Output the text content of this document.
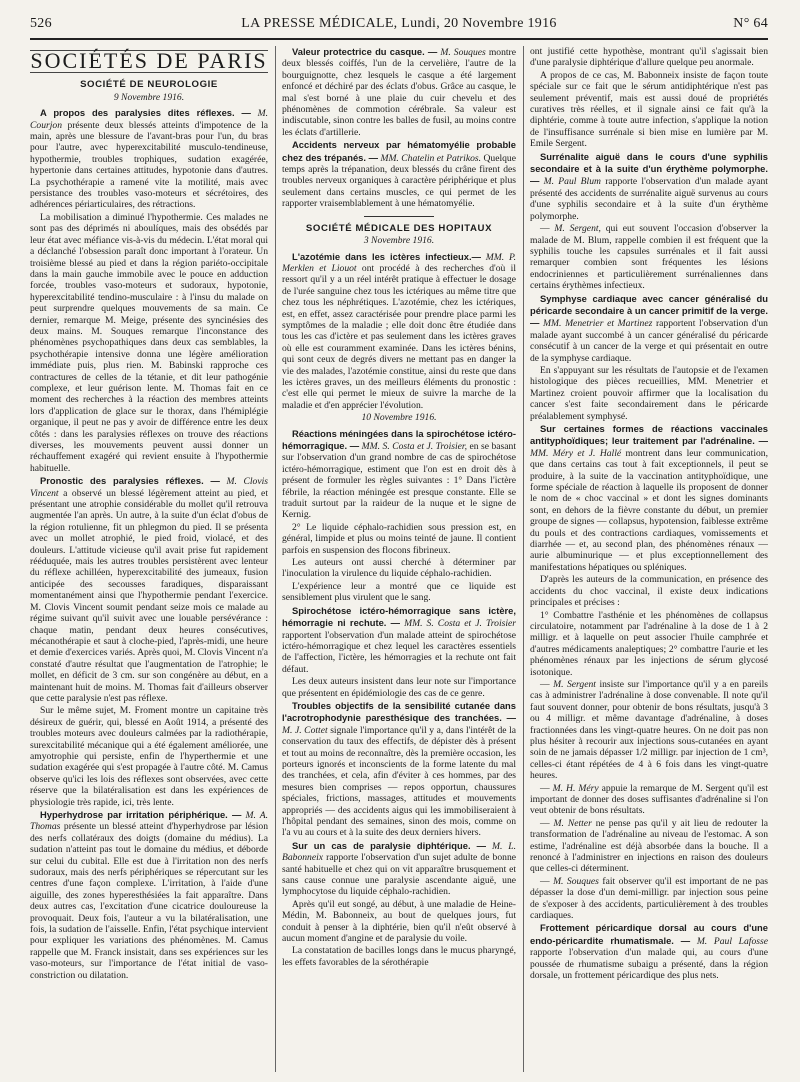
526	LA PRESSE MÉDICALE, Lundi, 20 Novembre 1916	N° 64
SOCIÉTÉS DE PARIS
SOCIÉTÉ DE NEUROLOGIE
9 Novembre 1916.

A propos des paralysies dites réflexes. — M. Courjon présente deux blessés atteints d'impotence de la main, après une blessure de l'avant-bras pour l'un, du bras pour l'autre, avec hyperexcitabilité musculo-tendineuse, hypothermie, troubles trophiques, sudation exagérée, hypertonie dans certaines attitudes, hypotonie dans d'autres. La psychothérapie a ramené vite la motilité, mais avec persistance des troubles vaso-moteurs et sécrétoires, des adhérences périarticulaires, des rétractions.

La mobilisation a diminué l'hypothermie. Ces malades ne sont pas des déprimés ni aboulíques, mais des obsédés par leur état avec méfiance vis-à-vis du médecin. L'état moral qui a déclanché l'obsession paraît donc important à l'orateur. Un troisième blessé au pied et dans la région pariéto-occipitale dans la main gauche immobile avec le pouce en adduction forcée, troubles vaso-moteurs et sudoraux, hypotonie, hyperexcitabilité tendino-musculaire : à l'insu du malade on peut surprendre quelques mouvements de sa main. Ce dernier, remarque M. Meige, présente des syncinésies des deux mains. M. Souques remarque l'inconstance des phénomènes psychopathiques dans deux cas semblables, la psychothérapie intensive donna une légère amélioration immédiate puis, plus rien. M. Babinski rapproche ces contractures de celles de la tétanie, et dit leur pathogénie complexe, et leur guérison lente. M. Thomas fait en ce moment des recherches à la réaction des membres atteints lors d'application de glace sur le thorax, dans l'hémiplégie organique, il peut ne pas y avoir de différence entre les deux côtés : dans les paralysies réflexes on trouve des réactions diverses, les mouvements peuvent aussi donner un réchauffement exagéré qui revient ensuite à l'hypothermie habituelle.

Pronostic des paralysies réflexes. — M. Clovis Vincent a observé un blessé légèrement atteint au pied, et présentant une atrophie considérable du mollet qu'il retrouva augmentée l'an après. Un autre, à la suite d'un éclat d'obus de la région rotulienne, fit un phlegmon du pied. Il se présenta avec un mollet atrophié, le pied froid, violacé, et des douleurs. L'attitude vicieuse qu'il avait prise fut rapidement rééduquée, mais les autres troubles persistèrent avec lenteur du réflexe achilléen, hyperexcitabilité des jumeaux, fusion anticipée des secousses faradiques, disparaissant momentanément ainsi que l'hypothermie pendant l'exercice. M. Clovis Vincent soumit pendant seize mois ce malade au régime suivant qu'il suivit avec une louable persévérance : chaque matin, pendant deux heures consécutives, mécanothérapie et saut à cloche-pied, l'après-midi, une heure et demie d'exercices variés. Après quoi, M. Clovis Vincent n'a constaté d'autre résultat que l'augmentation de l'atrophie; le mollet, en déficit de 3 cm. sur son congénère au début, en a maintenant huit de moins. M. Thomas fait d'ailleurs observer que cette paralysie n'est pas réflexe.

Sur le même sujet, M. Froment montre un capitaine très désireux de guérir, qui, blessé en Août 1914, a présenté des troubles moteurs avec douleurs calmées par la radiothérapie, surexcitabilité mécanique qui a été également améliorée, une amyotrophie qui persiste, enfin de l'hyperthermie et une sudation exagérée qui s'est propagée à l'autre côté. M. Camus observe qu'ici les lois des réflexes sont observées, avec cette réserve que la bilatéralisation est dans les expériences de physiologie très rapide, ici, très lente.

Hyperhydrose par irritation périphérique. — M. A. Thomas présente un blessé atteint d'hyperhydrose par lésion des nerfs collatéraux des doigts (domaine du médius). La sudation n'atteint pas tout le domaine du médius, et déborde sur celui du cubital. Elle est due à l'irritation non des nerfs sudoraux, mais des nerfs périphériques se répercutant sur les centres d'une façon complexe. L'irritation, à l'aide d'une aiguille, des zones hyperesthésiées la fait apparaître. Dans deux autres cas, l'excitation d'une cicatrice douloureuse la provoquait. Deux fois, l'auteur a vu la bilatéralisation, une fois, la sudation de l'aisselle. Enfin, l'état psychique intervient pour expliquer les variations des phénomènes. M. Camus rappelle que M. Franck insistait, dans ses expériences sur les vaso-moteurs, sur l'importance de l'état initial de vaso-constriction ou dilatation.

Valeur protectrice du casque. — M. Souques montre deux blessés coiffés, l'un de la cervelière, l'autre de la bourguignotte, chez lesquels le casque a été largement enfoncé et déchiré par des éclats d'obus. Grâce au casque, le mal s'est borné à une plaie du cuir chevelu et des phénomènes de commotion cérébrale. Sa valeur est indiscutable, sinon contre les balles de fusil, au moins contre les éclats d'artillerie.

Accidents nerveux par hématomyélie probable chez des trépanés. — MM. Chatelin et Patrikos. Quelque temps après la trépanation, deux blessés du crâne firent des troubles nerveux organiques à caractère périphérique et plus seulement dans certains muscles, ce qui permet de les rapporter vraisemblablement à une hématomyélie.

SOCIÉTÉ MÉDICALE DES HOPITAUX
3 Novembre 1916.

L'azotémie dans les ictères infectieux.— MM. P. Merklen et Liouot ont procédé à des recherches d'où il ressort qu'il y a un réel intérêt pratique à effectuer le dosage de l'urée sanguine chez tous les ictériques au même titre que chez tous les néphrétiques. L'azotémie, chez les ictériques, est, en effet, assez caractérisée pour prendre place parmi les symptômes de la maladie ; elle doit donc être étudiée dans tous les cas d'ictère et pas seulement dans les ictères graves où elle est couramment examinée. Dans les ictères bénins, qui sont ceux de degrés divers ne mettant pas en danger la vie des malades, l'azotémie constitue, ainsi du reste que dans les ictères graves, un des meilleurs éléments du pronostic : c'est elle qui permet le mieux de suivre la marche de la maladie et d'en apprécier l'évolution.

10 Novembre 1916.

Réactions méningées dans la spirochétose ictéro-hémorragique. — MM. S. Costa et J. Troisier, en se basant sur l'observation d'un grand nombre de cas de spirochétose ictéro-hémorragique, estiment que l'on est en droit dès à présent de formuler les règles suivantes : 1° Dans l'ictère fébrile, la réaction méningée est presque constante. Elle se traduit surtout par la raideur de la nuque et le signe de Kernig.

2° Le liquide céphalo-rachidien sous pression est, en général, limpide et plus ou moins teinté de jaune. Il contient parfois en suspension des flocons fibrineux.

Les auteurs ont aussi cherché à déterminer par l'inoculation la virulence du liquide céphalo-rachidien.

L'expérience leur a montré que ce liquide est sensiblement plus virulent que le sang.

Spirochétose ictéro-hémorragique sans ictère, hémorragie ni rechute. — MM. S. Costa et J. Troisier rapportent l'observation d'un malade atteint de spirochétose ictéro-hémorragique et chez lequel les caractères essentiels de l'affection, l'ictère, les hémorragies et la rechute ont fait défaut.

Les deux auteurs insistent dans leur note sur l'importance que présentent en épidémiologie des cas de ce genre.

Troubles objectifs de la sensibilité cutanée dans l'acrotrophodynie paresthésique des tranchées. — M. J. Cottet signale l'importance qu'il y a, dans l'intérêt de la conservation du taux des effectifs, de dépister dès à présent et tout au moins de reconnaître, dès la première occasion, les porteurs ignorés et inconscients de la forme latente du mal des tranchées, et cela, afin d'éviter à ces hommes, par des mesures bien comprises — repos opportun, chaussures spéciales, frictions, massages, attitudes et mouvements appropriés — des accidents aigus qui les immobiliseraient à l'hôpital pendant des semaines, sinon des mois, comme on l'a vu au cours et à la suite des deux derniers hivers.

Sur un cas de paralysie diphtérique. — M. L. Babonneix rapporte l'observation d'un sujet adulte de bonne santé habituelle et chez qui on vit apparaître brusquement et sans cause connue une paralysie ascendante aiguë, une lymphocytose du liquide céphalo-rachidien.

Après qu'il eut songé, au début, à une maladie de Heine-Médin, M. Babonneix, au bout de quelques jours, fut conduit à penser à la diphtérie, bien qu'il n'eût observé à aucun moment d'angine et de paralysie du voile.

La constatation de bacilles longs dans le mucus pharyngé, les effets favorables de la sérothérapie

ont justifié cette hypothèse, montrant qu'il s'agissait bien d'une paralysie diphtérique d'allure quelque peu anormale.

A propos de ce cas, M. Babonneix insiste de façon toute spéciale sur ce fait que le sérum antidiphtérique n'est pas seulement préventif, mais est aussi doué de propriétés curatives très réelles, et il signale ainsi ce fait qu'à la diphtérie, comme à toute autre infection, s'applique la notion de l'insuffisance surrénale si bien mise en lumière par M. Emile Sergent.

Surrénalite aiguë dans le cours d'une syphilis secondaire et à la suite d'un érythème polymorphe. — M. Paul Blum rapporte l'observation d'un malade ayant présenté des accidents de surrénalite aiguë survenus au cours d'une syphilis secondaire et à la suite d'un érythème polymorphe.

— M. Sergent, qui eut souvent l'occasion d'observer la malade de M. Blum, rappelle combien il est fréquent que la syphilis touche les capsules surrénales et il fait aussi remarquer combien sont fréquentes les lésions endocriniennes et particulièrement surrénaliennes dans certains érythèmes infectieux.

Symphyse cardiaque avec cancer généralisé du péricarde secondaire à un cancer primitif de la verge. — MM. Menetrier et Martinez rapportent l'observation d'un malade ayant succombé à un cancer généralisé du péricarde consécutif à un cancer de la verge et qui présentait en outre de la symphyse cardiaque.

En s'appuyant sur les résultats de l'autopsie et de l'examen histologique des pièces recueillies, MM. Menetrier et Martinez croient pouvoir affirmer que la localisation du cancer s'est faite secondairement dans le péricarde préalablement symphysé.

Sur certaines formes de réactions vaccinales antityphoïdiques; leur traitement par l'adrénaline. — MM. Méry et J. Hallé montrent dans leur communication, que dans certains cas tout à fait exceptionnels, il peut se produire, à la suite de la vaccination antityphoïdique, une forme spéciale de réaction à laquelle ils proposent de donner le nom de « choc vaccinal » et dont les signes dominants sont, en dehors de la fièvre constante du début, un premier groupe de signes — collapsus, hypotension, faiblesse extrême du pouls et des contractions cardiaques, vomissements et diarrhée — et, au second plan, des phénomènes rénaux — aurie albuminurique — et plus exceptionnellement des manifestations hépatiques ou spléniques.

D'après les auteurs de la communication, en présence des accidents du choc vaccinal, il existe deux indications principales et précises :

1° Combattre l'asthénie et les phénomènes de collapsus circulatoire, notamment par l'adrénaline à la dose de 1 à 2 milligr. et à laquelle on peut associer l'huile camphrée et d'autres médicaments analeptiques; 2° combattre l'aurie et les phénomènes rénaux par les injections de sérum glycosé isotonique.

— M. Sergent insiste sur l'importance qu'il y a en pareils cas à administrer l'adrénaline à dose convenable. Il note qu'il faut souvent donner, pour obtenir de bons résultats, jusqu'à 3 ou 4 milligr. et même davantage d'adrénaline, à doses fractionnées dans les vingt-quatre heures. On ne doit pas non plus hésiter à recourir aux injections sous-cutanées en ayant soin de ne jamais dépasser 1/2 milligr. par injection de 1 cm³, celles-ci étant répétées de 4 à 6 fois dans les vingt-quatre heures.

— M. H. Méry appuie la remarque de M. Sergent qu'il est important de donner des doses suffisantes d'adrénaline si l'on veut obtenir de bons résultats.

— M. Netter ne pense pas qu'il y ait lieu de redouter la transformation de l'adrénaline au niveau de l'estomac. A son estime, l'adrénaline est déjà absorbée dans la bouche. Il a renoncé à l'administrer en injections en raison des douleurs que celles-ci déterminent.

— M. Souques fait observer qu'il est important de ne pas dépasser la dose d'un demi-milligr. par injection sous peine de s'exposer à des accidents, particulièrement à des troubles cardiaques.

Frottement péricardique dorsal au cours d'une endo-péricardite rhumatismale. — M. Paul Lafosse rapporte l'observation d'un malade qui, au cours d'une poussée de rhumatisme subaigu a présenté, dans la région dorsale, un frottement péricardique des plus nets.
